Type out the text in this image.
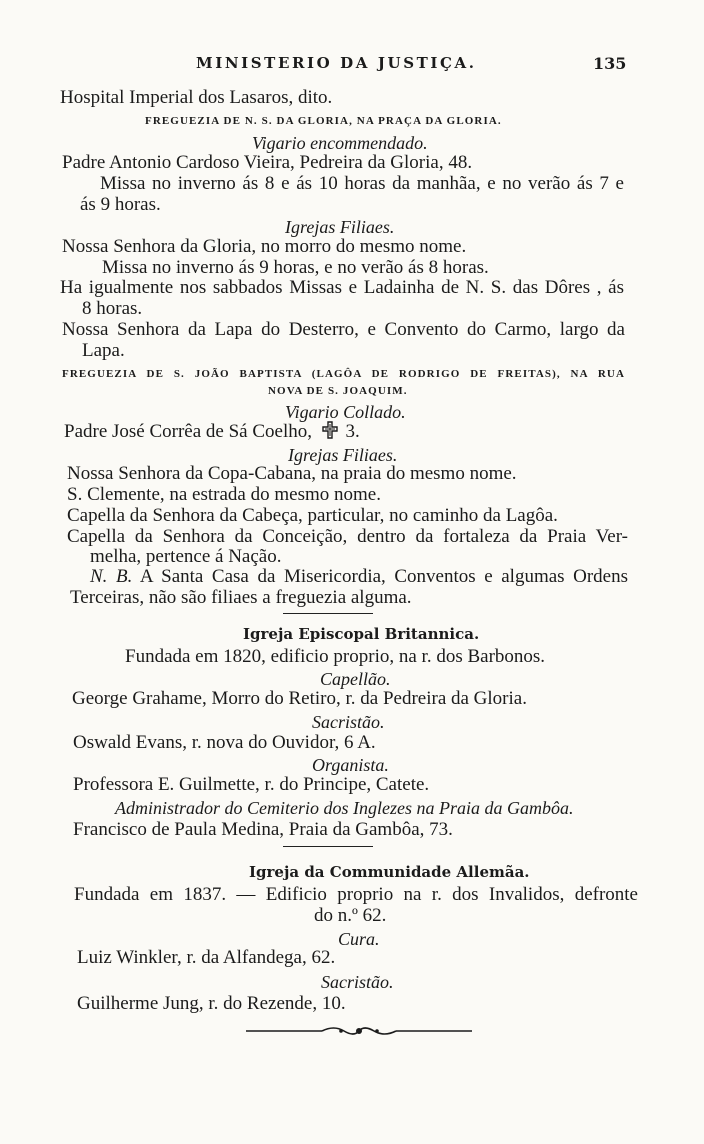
MINISTERIO DA JUSTIÇA.	135
Hospital Imperial dos Lasaros, dito.
FREGUEZIA DE N. S. DA GLORIA, NA PRAÇA DA GLORIA.
Vigario encommendado.
Padre Antonio Cardoso Vieira, Pedreira da Gloria, 48.
Missa no inverno ás 8 e ás 10 horas da manhãa, e no verão ás 7 e
ás 9 horas.
Igrejas Filiaes.
Nossa Senhora da Gloria, no morro do mesmo nome.
Missa no inverno ás 9 horas, e no verão ás 8 horas.
Ha igualmente nos sabbados Missas e Ladainha de N. S. das Dôres , ás
8 horas.
Nossa Senhora da Lapa do Desterro, e Convento do Carmo, largo da
Lapa.
FREGUEZIA DE S. JOÃO BAPTISTA (LAGÔA DE RODRIGO DE FREITAS), NA RUA
NOVA DE S. JOAQUIM.
Vigario Collado.
Padre José Corrêa de Sá Coelho, 3.
Igrejas Filiaes.
Nossa Senhora da Copa-Cabana, na praia do mesmo nome.
S. Clemente, na estrada do mesmo nome.
Capella da Senhora da Cabeça, particular, no caminho da Lagôa.
Capella da Senhora da Conceição, dentro da fortaleza da Praia Ver-
melha, pertence á Nação.
N. B. A Santa Casa da Misericordia, Conventos e algumas Ordens
Terceiras, não são filiaes a freguezia alguma.
Igreja Episcopal Britannica.
Fundada em 1820, edificio proprio, na r. dos Barbonos.
Capellão.
George Grahame, Morro do Retiro, r. da Pedreira da Gloria.
Sacristão.
Oswald Evans, r. nova do Ouvidor, 6 A.
Organista.
Professora E. Guilmette, r. do Principe, Catete.
Administrador do Cemiterio dos Inglezes na Praia da Gambôa.
Francisco de Paula Medina, Praia da Gambôa, 73.
Igreja da Communidade Allemãa.
Fundada em 1837. — Edificio proprio na r. dos Invalidos, defronte
do n.º 62.
Cura.
Luiz Winkler, r. da Alfandega, 62.
Sacristão.
Guilherme Jung, r. do Rezende, 10.
